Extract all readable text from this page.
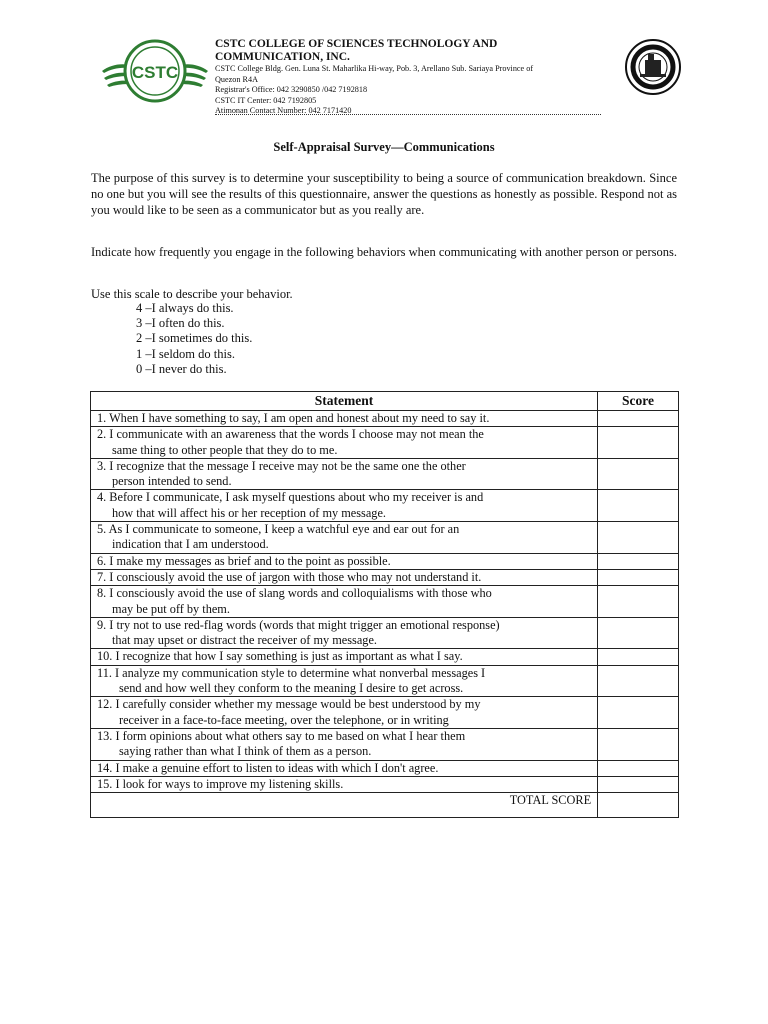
CSTC
CSTC COLLEGE OF SCIENCES TECHNOLOGY AND
COMMUNICATION, INC.
CSTC College Bldg. Gen. Luna St. Maharlika Hi-way, Pob. 3, Arellano Sub. Sariaya Province of
Quezon R4A
Registrar's Office: 042 3290850 /042 7192818
CSTC IT Center: 042 7192805
Atimonan Contact Number: 042 7171420
Self-Appraisal Survey—Communications
The purpose of this survey is to determine your susceptibility to being a source of communication breakdown. Since no one but you will see the results of this questionnaire, answer the questions as honestly as possible. Respond not as you would like to be seen as a communicator but as you really are.
Indicate how frequently you engage in the following behaviors when communicating with another person or persons.
Use this scale to describe your behavior.
4 –I always do this.
3 –I often do this.
2 –I sometimes do this.
1 –I seldom do this.
0 –I never do this.
Statement	Score

1. When I have something to say, I am open and honest about my need to say it.	

2. I communicate with an awareness that the words I choose may not mean the
same thing to other people that they do to me.	

3. I recognize that the message I receive may not be the same one the other
person intended to send.	

4. Before I communicate, I ask myself questions about who my receiver is and
how that will affect his or her reception of my message.	

5. As I communicate to someone, I keep a watchful eye and ear out for an
indication that I am understood.	

6. I make my messages as brief and to the point as possible.	

7. I consciously avoid the use of jargon with those who may not understand it.	

8. I consciously avoid the use of slang words and colloquialisms with those who
may be put off by them.	

9. I try not to use red-flag words (words that might trigger an emotional response)
that may upset or distract the receiver of my message.	

10. I recognize that how I say something is just as important as what I say.	

11. I analyze my communication style to determine what nonverbal messages I
send and how well they conform to the meaning I desire to get across.	

12. I carefully consider whether my message would be best understood by my
receiver in a face-to-face meeting, over the telephone, or in writing	

13. I form opinions about what others say to me based on what I hear them
saying rather than what I think of them as a person.	

14. I make a genuine effort to listen to ideas with which I don't agree.	

15. I look for ways to improve my listening skills.	

TOTAL SCORE	
